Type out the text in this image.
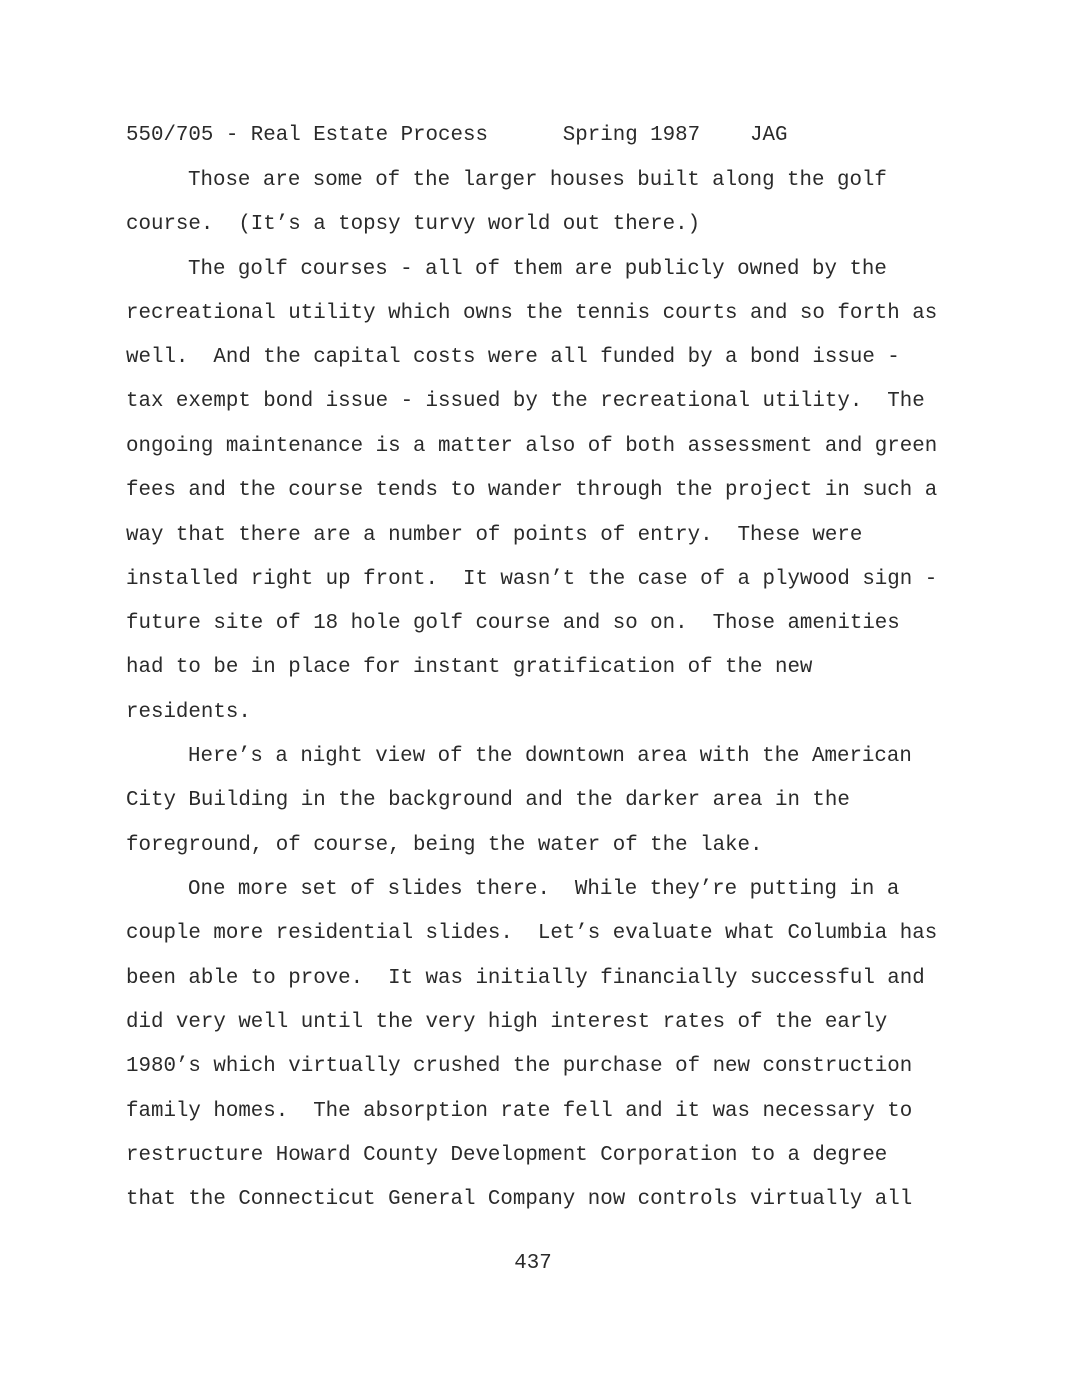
550/705 - Real Estate Process      Spring 1987    JAG
Those are some of the larger houses built along the golf
course.  (It’s a topsy turvy world out there.)
The golf courses - all of them are publicly owned by the
recreational utility which owns the tennis courts and so forth as
well.  And the capital costs were all funded by a bond issue -
tax exempt bond issue - issued by the recreational utility.  The
ongoing maintenance is a matter also of both assessment and green
fees and the course tends to wander through the project in such a
way that there are a number of points of entry.  These were
installed right up front.  It wasn’t the case of a plywood sign -
future site of 18 hole golf course and so on.  Those amenities
had to be in place for instant gratification of the new
residents.
Here’s a night view of the downtown area with the American
City Building in the background and the darker area in the
foreground, of course, being the water of the lake.
One more set of slides there.  While they’re putting in a
couple more residential slides.  Let’s evaluate what Columbia has
been able to prove.  It was initially financially successful and
did very well until the very high interest rates of the early
1980’s which virtually crushed the purchase of new construction
family homes.  The absorption rate fell and it was necessary to
restructure Howard County Development Corporation to a degree
that the Connecticut General Company now controls virtually all
437
